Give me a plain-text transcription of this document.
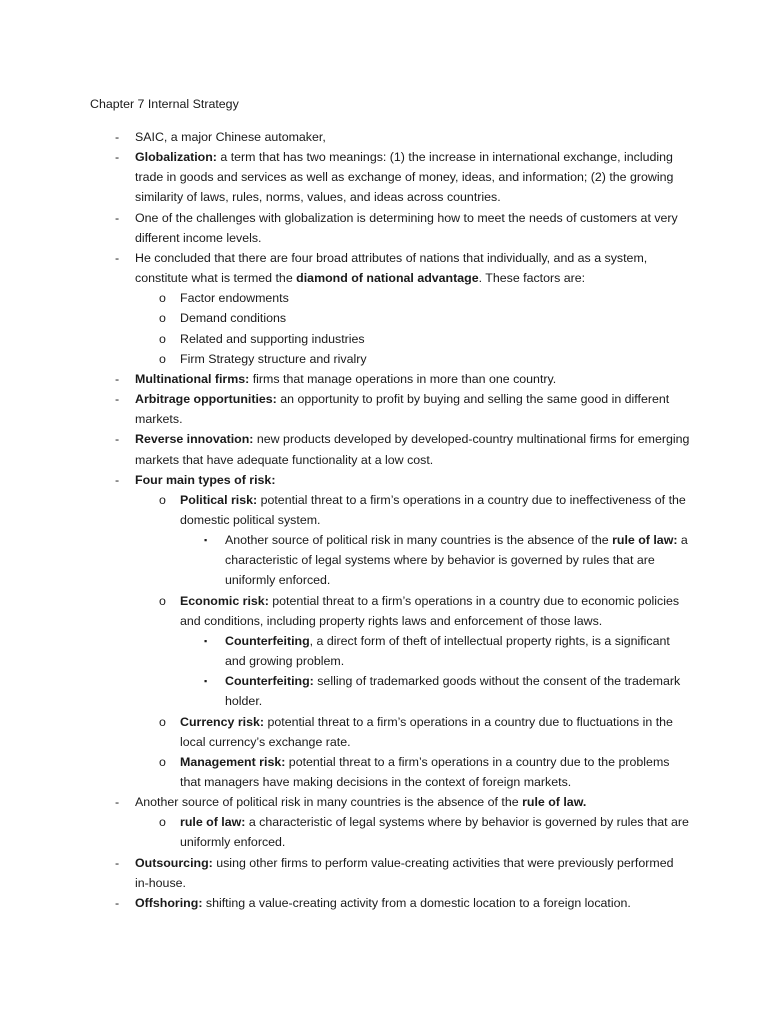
Chapter 7 Internal Strategy
- SAIC, a major Chinese automaker,
- Globalization: a term that has two meanings: (1) the increase in international exchange, including trade in goods and services as well as exchange of money, ideas, and information; (2) the growing similarity of laws, rules, norms, values, and ideas across countries.
- One of the challenges with globalization is determining how to meet the needs of customers at very different income levels.
- He concluded that there are four broad attributes of nations that individually, and as a system, constitute what is termed the diamond of national advantage. These factors are:
o Factor endowments
o Demand conditions
o Related and supporting industries
o Firm Strategy structure and rivalry
- Multinational firms: firms that manage operations in more than one country.
- Arbitrage opportunities: an opportunity to profit by buying and selling the same good in different markets.
- Reverse innovation: new products developed by developed-country multinational firms for emerging markets that have adequate functionality at a low cost.
- Four main types of risk:
o Political risk: potential threat to a firm’s operations in a country due to ineffectiveness of the domestic political system.
▪ Another source of political risk in many countries is the absence of the rule of law: a characteristic of legal systems where by behavior is governed by rules that are uniformly enforced.
o Economic risk: potential threat to a firm’s operations in a country due to economic policies and conditions, including property rights laws and enforcement of those laws.
▪ Counterfeiting, a direct form of theft of intellectual property rights, is a significant and growing problem.
▪ Counterfeiting: selling of trademarked goods without the consent of the trademark holder.
o Currency risk: potential threat to a firm’s operations in a country due to fluctuations in the local currency’s exchange rate.
o Management risk: potential threat to a firm’s operations in a country due to the problems that managers have making decisions in the context of foreign markets.
- Another source of political risk in many countries is the absence of the rule of law.
o rule of law: a characteristic of legal systems where by behavior is governed by rules that are uniformly enforced.
- Outsourcing: using other firms to perform value-creating activities that were previously performed in-house.
- Offshoring: shifting a value-creating activity from a domestic location to a foreign location.
